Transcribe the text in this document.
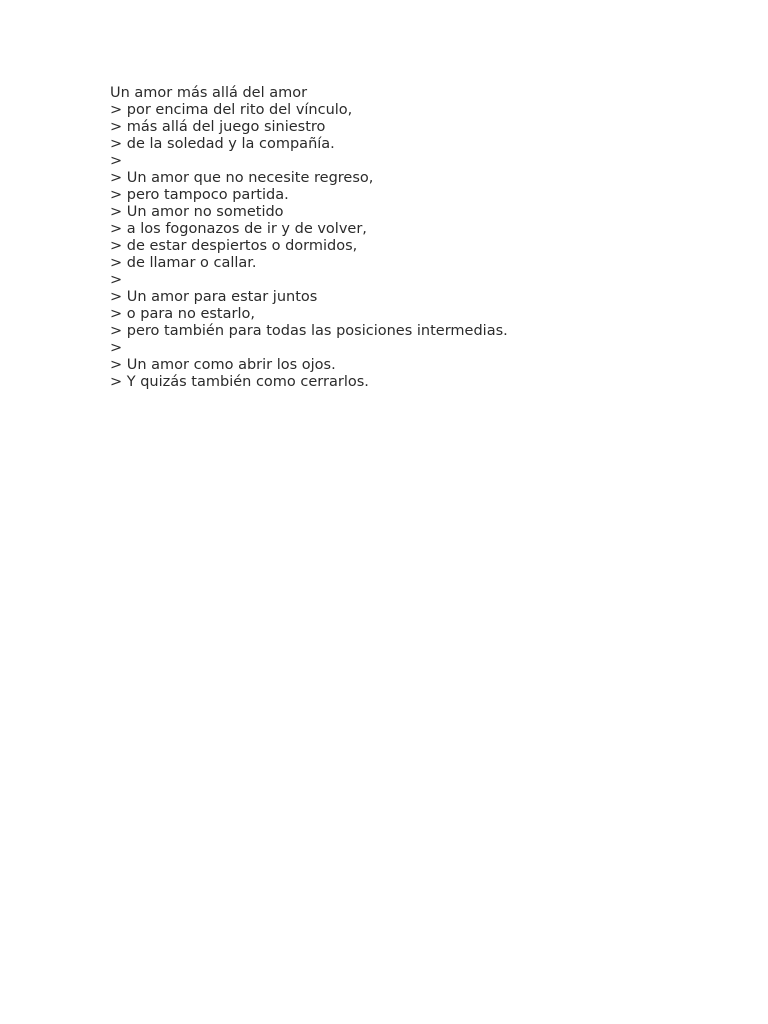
Un amor más allá del amor

> por encima del rito del vínculo,

> más allá del juego siniestro

> de la soledad y la compañía.

>

> Un amor que no necesite regreso,

> pero tampoco partida.

> Un amor no sometido

> a los fogonazos de ir y de volver,

> de estar despiertos o dormidos,

> de llamar o callar.

>

> Un amor para estar juntos

> o para no estarlo,

> pero también para todas las posiciones intermedias.

>

> Un amor como abrir los ojos.

> Y quizás también como cerrarlos.
